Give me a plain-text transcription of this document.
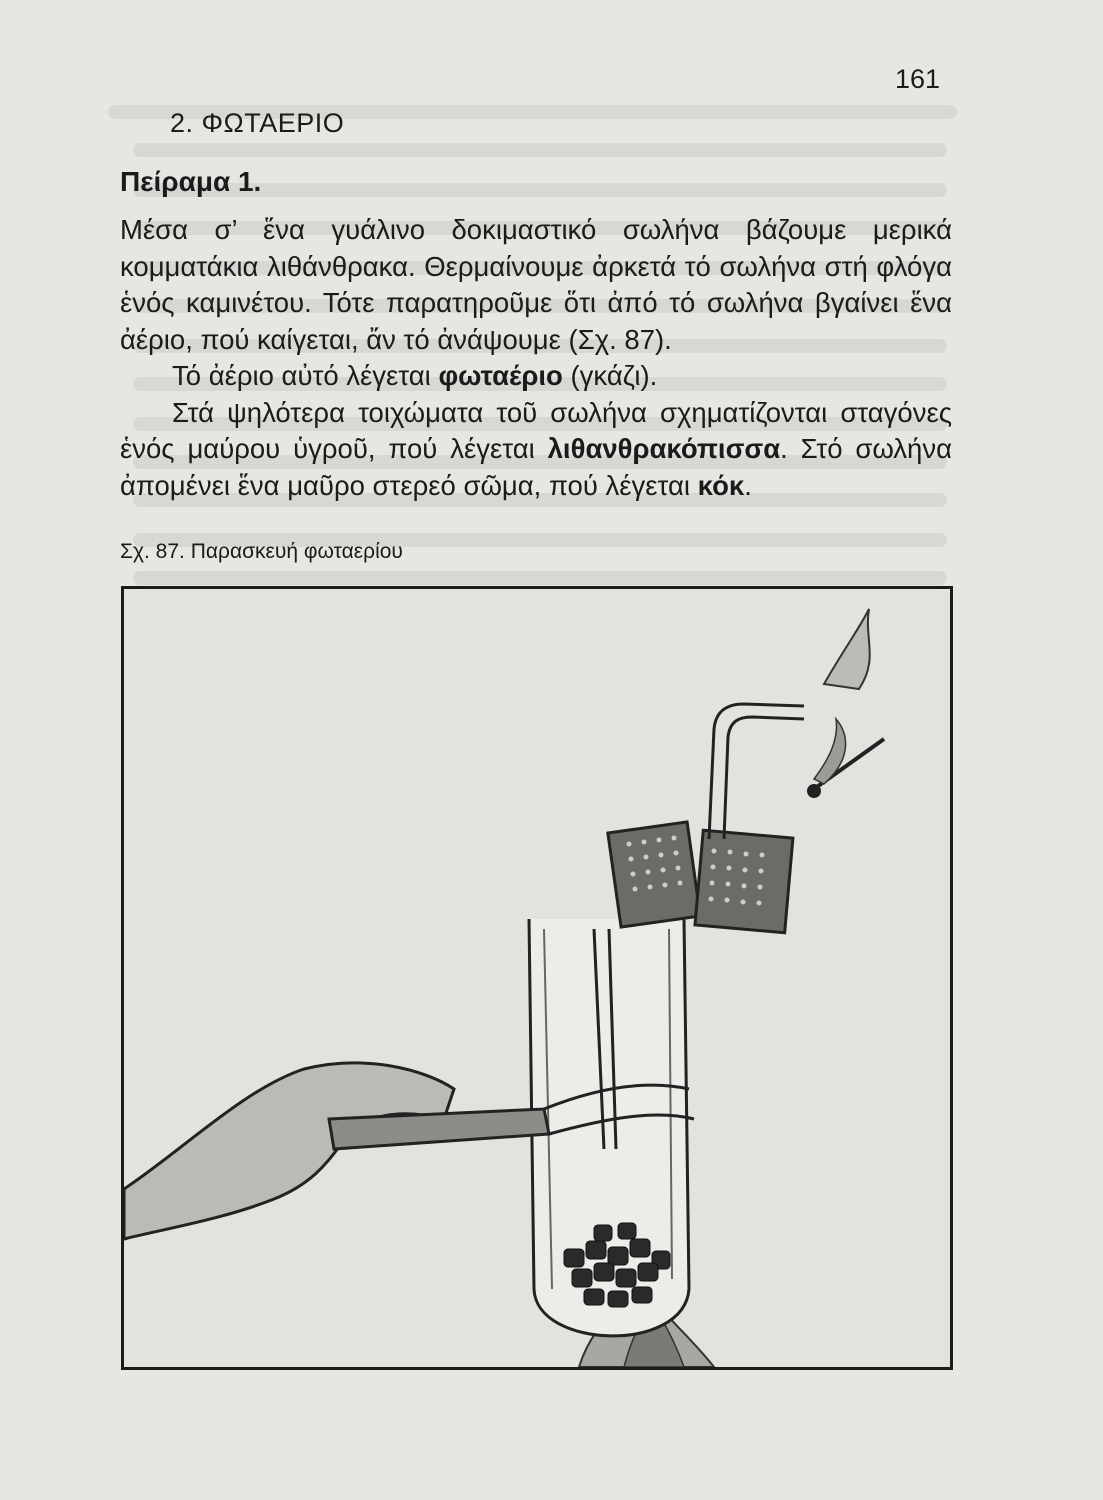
161
2. ΦΩΤΑΕΡΙΟ
Πείραμα 1.

Μέσα σ’ ἕνα γυάλινο δοκιμαστικό σωλήνα βάζουμε μερικά κομματάκια λιθάνθρακα. Θερμαίνουμε ἀρκετά τό σωλήνα στή φλόγα ἑνός καμινέτου. Τότε παρατηροῦμε ὅτι ἀπό τό σωλήνα βγαίνει ἕνα ἀέριο, πού καίγεται, ἄν τό ἀνάψουμε (Σχ. 87).

Τό ἀέριο αὐτό λέγεται φωταέριο (γκάζι).

Στά ψηλότερα τοιχώματα τοῦ σωλήνα σχηματίζονται σταγόνες ἑνός μαύρου ὑγροῦ, πού λέγεται λιθανθρακόπισσα. Στό σωλήνα ἀπομένει ἕνα μαῦρο στερεό σῶμα, πού λέγεται κόκ.

Σχ. 87. Παρασκευή φωταερίου
